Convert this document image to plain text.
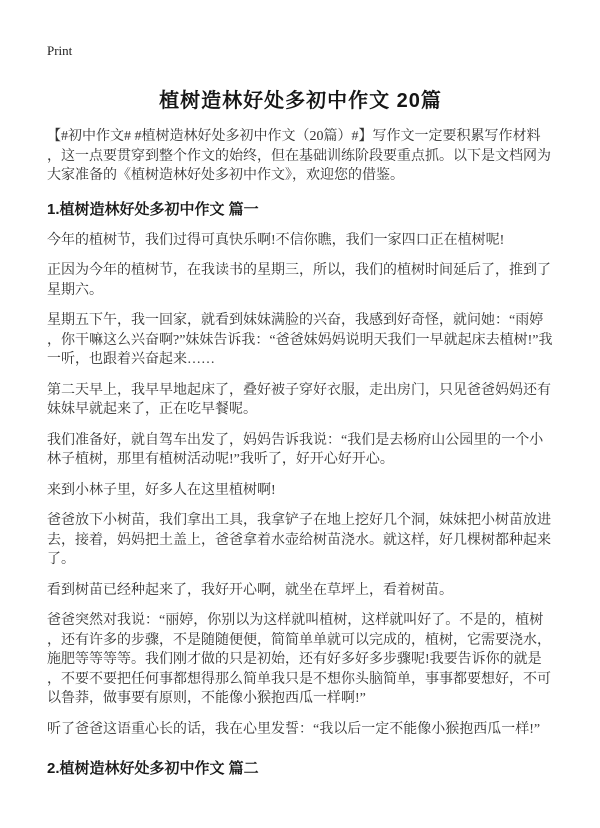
Print
植树造林好处多初中作文 20篇

【#初中作文# #植树造林好处多初中作文（20篇）#】写作文一定要积累写作材料，这一点要贯穿到整个作文的始终，但在基础训练阶段要重点抓。以下是文档网为大家准备的《植树造林好处多初中作文》，欢迎您的借鉴。

1.植树造林好处多初中作文 篇一

今年的植树节，我们过得可真快乐啊!不信你瞧，我们一家四口正在植树呢!

正因为今年的植树节，在我读书的星期三，所以，我们的植树时间延后了，推到了星期六。

星期五下午，我一回家，就看到妹妹满脸的兴奋，我感到好奇怪，就问她：“雨婷，你干嘛这么兴奋啊?”妹妹告诉我：“爸爸妹妈妈说明天我们一早就起床去植树!”我一听，也跟着兴奋起来……

第二天早上，我早早地起床了，叠好被子穿好衣服，走出房门，只见爸爸妈妈还有妹妹早就起来了，正在吃早餐呢。

我们准备好，就自驾车出发了，妈妈告诉我说：“我们是去杨府山公园里的一个小林子植树，那里有植树活动呢!”我听了，好开心好开心。

来到小林子里，好多人在这里植树啊!

爸爸放下小树苗，我们拿出工具，我拿铲子在地上挖好几个洞，妹妹把小树苗放进去，接着，妈妈把土盖上，爸爸拿着水壶给树苗浇水。就这样，好几棵树都种起来了。

看到树苗已经种起来了，我好开心啊，就坐在草坪上，看着树苗。

爸爸突然对我说：“丽婷，你别以为这样就叫植树，这样就叫好了。不是的，植树，还有许多的步骤，不是随随便便，简简单单就可以完成的，植树，它需要浇水，施肥等等等等。我们刚才做的只是初始，还有好多好多步骤呢!我要告诉你的就是，不要不要把任何事都想得那么简单我只是不想你头脑简单，事事都要想好，不可以鲁莽，做事要有原则，不能像小猴抱西瓜一样啊!”

听了爸爸这语重心长的话，我在心里发誓：“我以后一定不能像小猴抱西瓜一样!”

2.植树造林好处多初中作文 篇二
